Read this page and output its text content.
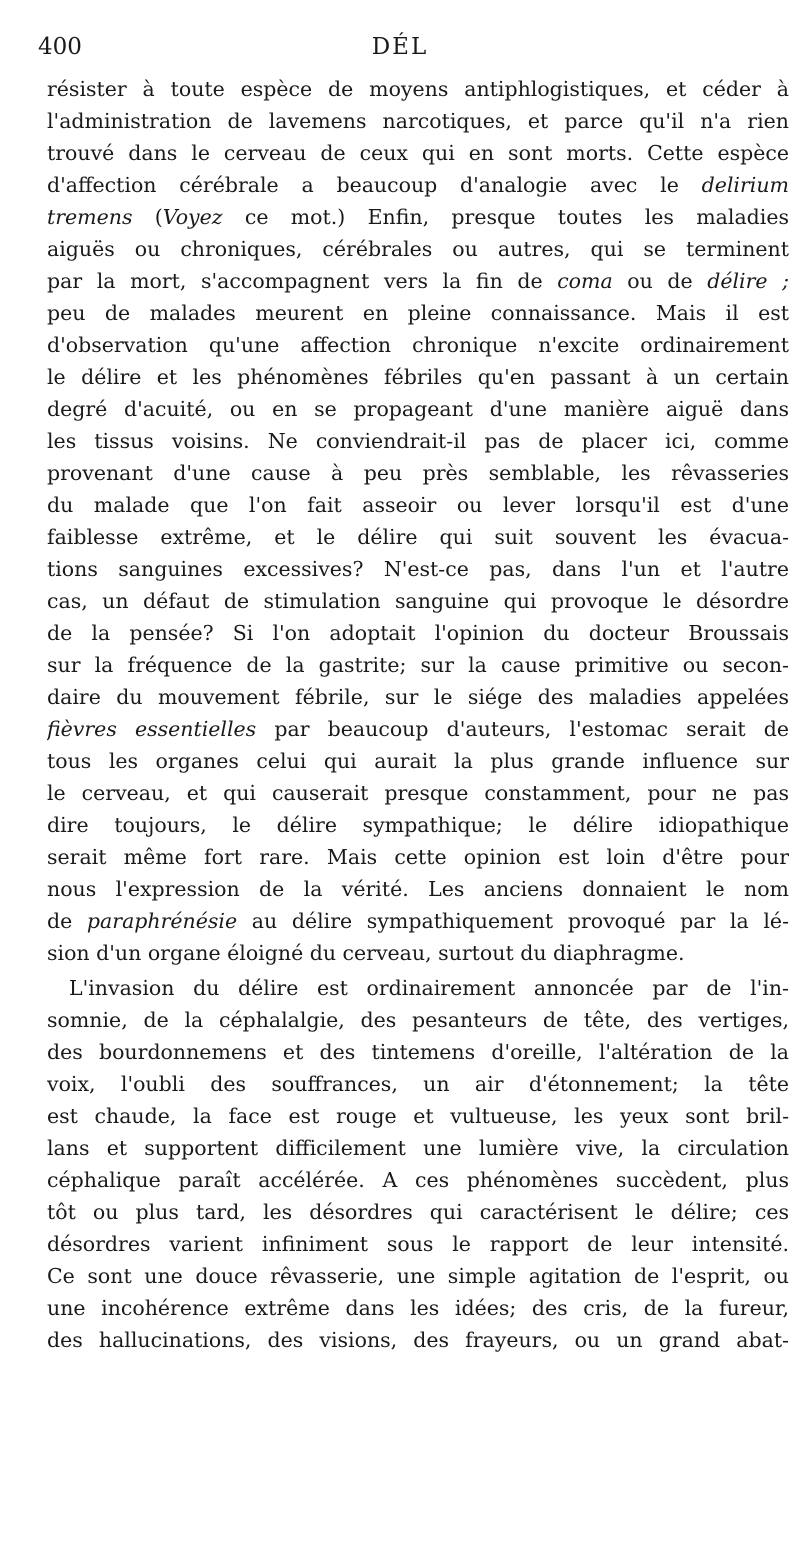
400	DÉL
résister à toute espèce de moyens antiphlogistiques, et céder à
l'administration de lavemens narcotiques, et parce qu'il n'a rien
trouvé dans le cerveau de ceux qui en sont morts. Cette espèce
d'affection cérébrale a beaucoup d'analogie avec le delirium
tremens (Voyez ce mot.) Enfin, presque toutes les maladies
aiguës ou chroniques, cérébrales ou autres, qui se terminent
par la mort, s'accompagnent vers la fin de coma ou de délire ;
peu de malades meurent en pleine connaissance. Mais il est
d'observation qu'une affection chronique n'excite ordinairement
le délire et les phénomènes fébriles qu'en passant à un certain
degré d'acuité, ou en se propageant d'une manière aiguë dans
les tissus voisins. Ne conviendrait-il pas de placer ici, comme
provenant d'une cause à peu près semblable, les rêvasseries
du malade que l'on fait asseoir ou lever lorsqu'il est d'une
faiblesse extrême, et le délire qui suit souvent les évacua-
tions sanguines excessives? N'est-ce pas, dans l'un et l'autre
cas, un défaut de stimulation sanguine qui provoque le désordre
de la pensée? Si l'on adoptait l'opinion du docteur Broussais
sur la fréquence de la gastrite; sur la cause primitive ou secon-
daire du mouvement fébrile, sur le siége des maladies appelées
fièvres essentielles par beaucoup d'auteurs, l'estomac serait de
tous les organes celui qui aurait la plus grande influence sur
le cerveau, et qui causerait presque constamment, pour ne pas
dire toujours, le délire sympathique; le délire idiopathique
serait même fort rare. Mais cette opinion est loin d'être pour
nous l'expression de la vérité. Les anciens donnaient le nom
de paraphrénésie au délire sympathiquement provoqué par la lé-
sion d'un organe éloigné du cerveau, surtout du diaphragme.
L'invasion du délire est ordinairement annoncée par de l'in-
somnie, de la céphalalgie, des pesanteurs de tête, des vertiges,
des bourdonnemens et des tintemens d'oreille, l'altération de la
voix, l'oubli des souffrances, un air d'étonnement; la tête
est chaude, la face est rouge et vultueuse, les yeux sont bril-
lans et supportent difficilement une lumière vive, la circulation
céphalique paraît accélérée. A ces phénomènes succèdent, plus
tôt ou plus tard, les désordres qui caractérisent le délire; ces
désordres varient infiniment sous le rapport de leur intensité.
Ce sont une douce rêvasserie, une simple agitation de l'esprit, ou
une incohérence extrême dans les idées; des cris, de la fureur,
des hallucinations, des visions, des frayeurs, ou un grand abat-
